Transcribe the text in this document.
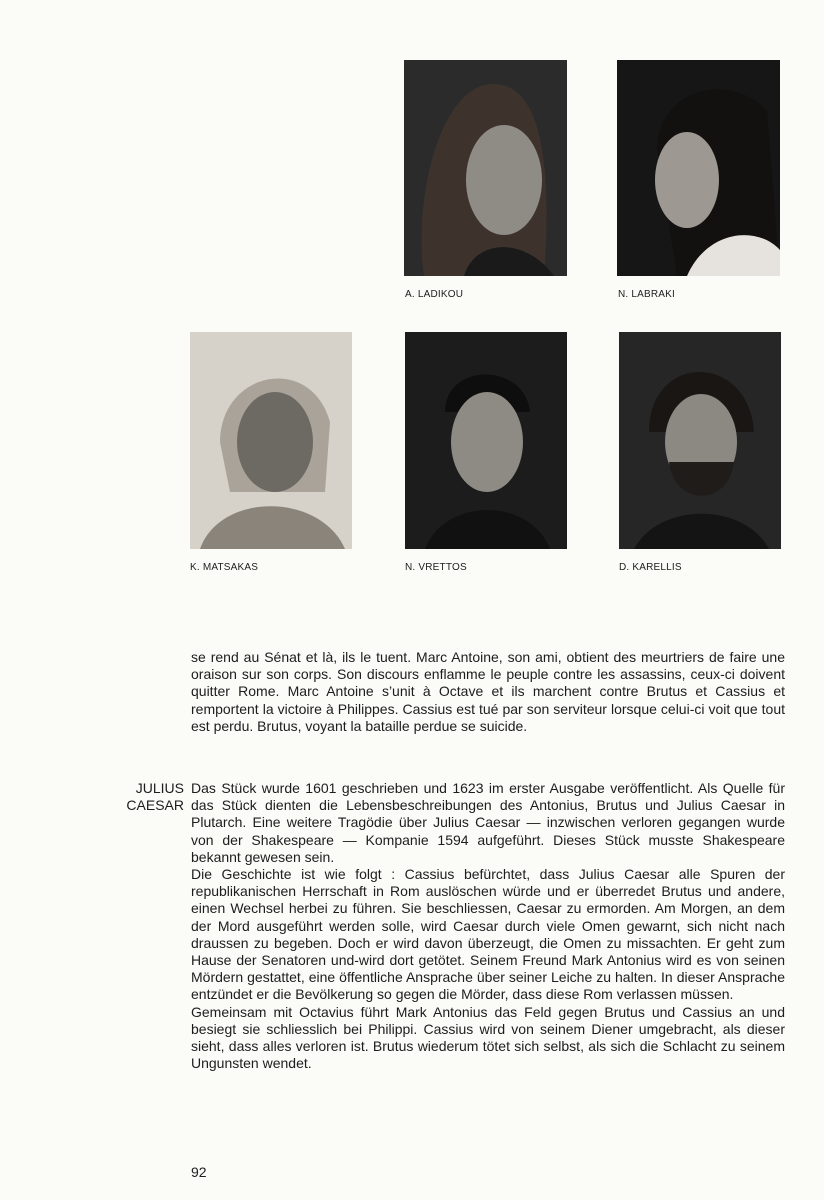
A. LADIKOU	N. LABRAKI
K. MATSAKAS	N. VRETTOS	D. KARELLIS

se rend au Sénat et là, ils le tuent. Marc Antoine, son ami, obtient des meurtriers de faire une oraison sur son corps. Son discours enflamme le peuple contre les assassins, ceux-ci doivent quitter Rome. Marc Antoine s’unit à Octave et ils marchent contre Brutus et Cassius et remportent la victoire à Philippes. Cassius est tué par son serviteur lorsque celui-ci voit que tout est perdu. Brutus, voyant la bataille perdue se suicide.

JULIUS
CAESAR

Das Stück wurde 1601 geschrieben und 1623 im erster Ausgabe veröffentlicht. Als Quelle für das Stück dienten die Lebensbeschreibungen des Antonius, Brutus und Julius Caesar in Plutarch. Eine weitere Tragödie über Julius Caesar — inzwischen verloren gegangen wurde von der Shakespeare — Kompanie 1594 aufgeführt. Dieses Stück musste Shakespeare bekannt gewesen sein.

Die Geschichte ist wie folgt : Cassius befürchtet, dass Julius Caesar alle Spuren der republikanischen Herrschaft in Rom auslöschen würde und er überredet Brutus und andere, einen Wechsel herbei zu führen. Sie beschliessen, Caesar zu ermorden. Am Morgen, an dem der Mord ausgeführt werden solle, wird Caesar durch viele Omen gewarnt, sich nicht nach draussen zu begeben. Doch er wird davon überzeugt, die Omen zu missachten. Er geht zum Hause der Senatoren und-wird dort getötet. Seinem Freund Mark Antonius wird es von seinen Mördern gestattet, eine öffentliche Ansprache über seiner Leiche zu halten. In dieser Ansprache entzündet er die Bevölkerung so gegen die Mörder, dass diese Rom verlassen müssen.

Gemeinsam mit Octavius führt Mark Antonius das Feld gegen Brutus und Cassius an und besiegt sie schliesslich bei Philippi. Cassius wird von seinem Diener umgebracht, als dieser sieht, dass alles verloren ist. Brutus wiederum tötet sich selbst, als sich die Schlacht zu seinem Ungunsten wendet.

92
